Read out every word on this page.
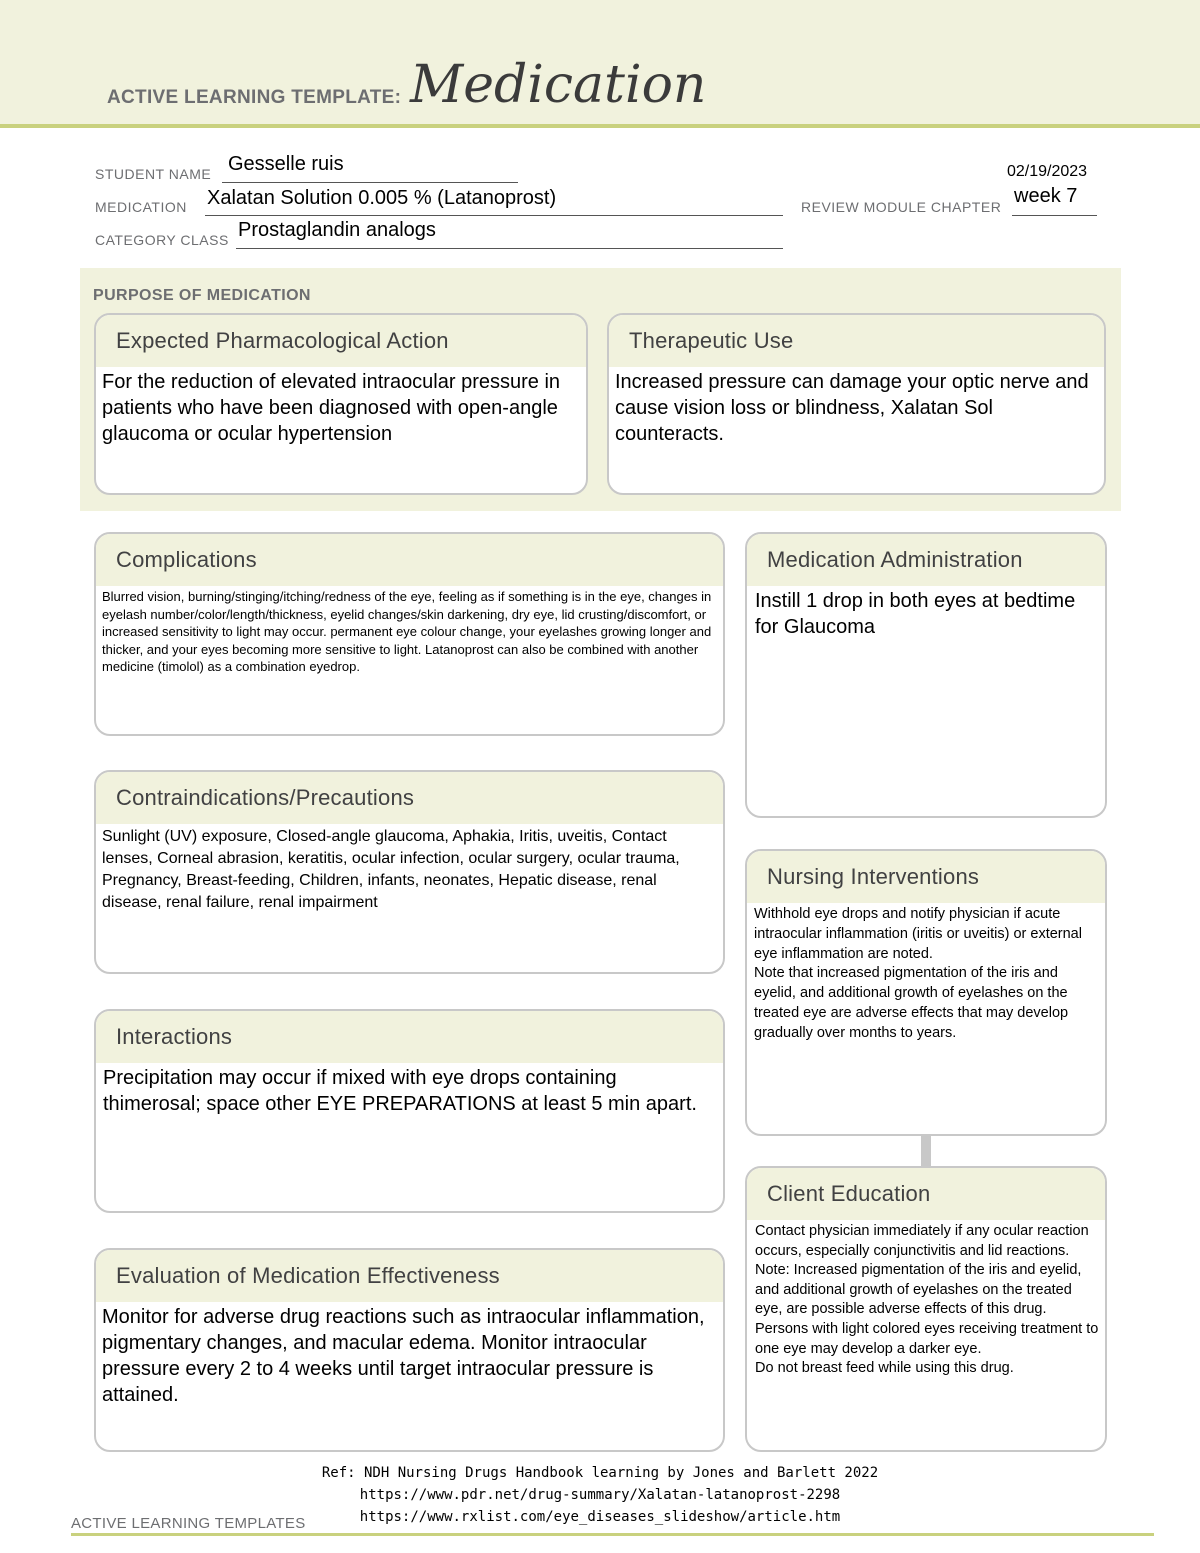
ACTIVE LEARNING TEMPLATE: Medication
STUDENT NAME Gesselle ruis	02/19/2023
MEDICATION Xalatan Solution 0.005 % (Latanoprost)	REVIEW MODULE CHAPTER week 7
CATEGORY CLASS Prostaglandin analogs
PURPOSE OF MEDICATION
Expected Pharmacological Action
For the reduction of elevated intraocular pressure in patients who have been diagnosed with open-angle glaucoma or ocular hypertension
Therapeutic Use
Increased pressure can damage your optic nerve and cause vision loss or blindness, Xalatan Sol counteracts.
Complications
Blurred vision, burning/stinging/itching/redness of the eye, feeling as if something is in the eye, changes in eyelash number/color/length/thickness, eyelid changes/skin darkening, dry eye, lid crusting/discomfort, or increased sensitivity to light may occur. permanent eye colour change, your eyelashes growing longer and thicker, and your eyes becoming more sensitive to light. Latanoprost can also be combined with another medicine (timolol) as a combination eyedrop.
Medication Administration
Instill 1 drop in both eyes at bedtime for Glaucoma
Contraindications/Precautions
Sunlight (UV) exposure, Closed-angle glaucoma, Aphakia, Iritis, uveitis, Contact lenses, Corneal abrasion, keratitis, ocular infection, ocular surgery, ocular trauma, Pregnancy, Breast-feeding, Children, infants, neonates, Hepatic disease, renal disease, renal failure, renal impairment
Nursing Interventions
Withhold eye drops and notify physician if acute intraocular inflammation (iritis or uveitis) or external eye inflammation are noted.
Note that increased pigmentation of the iris and eyelid, and additional growth of eyelashes on the treated eye are adverse effects that may develop gradually over months to years.
Interactions
Precipitation may occur if mixed with eye drops containing thimerosal; space other EYE PREPARATIONS at least 5 min apart.
Client Education
Contact physician immediately if any ocular reaction occurs, especially conjunctivitis and lid reactions.
Note: Increased pigmentation of the iris and eyelid, and additional growth of eyelashes on the treated eye, are possible adverse effects of this drug. Persons with light colored eyes receiving treatment to one eye may develop a darker eye.
Do not breast feed while using this drug.
Evaluation of Medication Effectiveness
Monitor for adverse drug reactions such as intraocular inflammation, pigmentary changes, and macular edema. Monitor intraocular pressure every 2 to 4 weeks until target intraocular pressure is attained.
Ref: NDH Nursing Drugs Handbook learning by Jones and Barlett 2022
https://www.pdr.net/drug-summary/Xalatan-latanoprost-2298
https://www.rxlist.com/eye_diseases_slideshow/article.htm
ACTIVE LEARNING TEMPLATES
